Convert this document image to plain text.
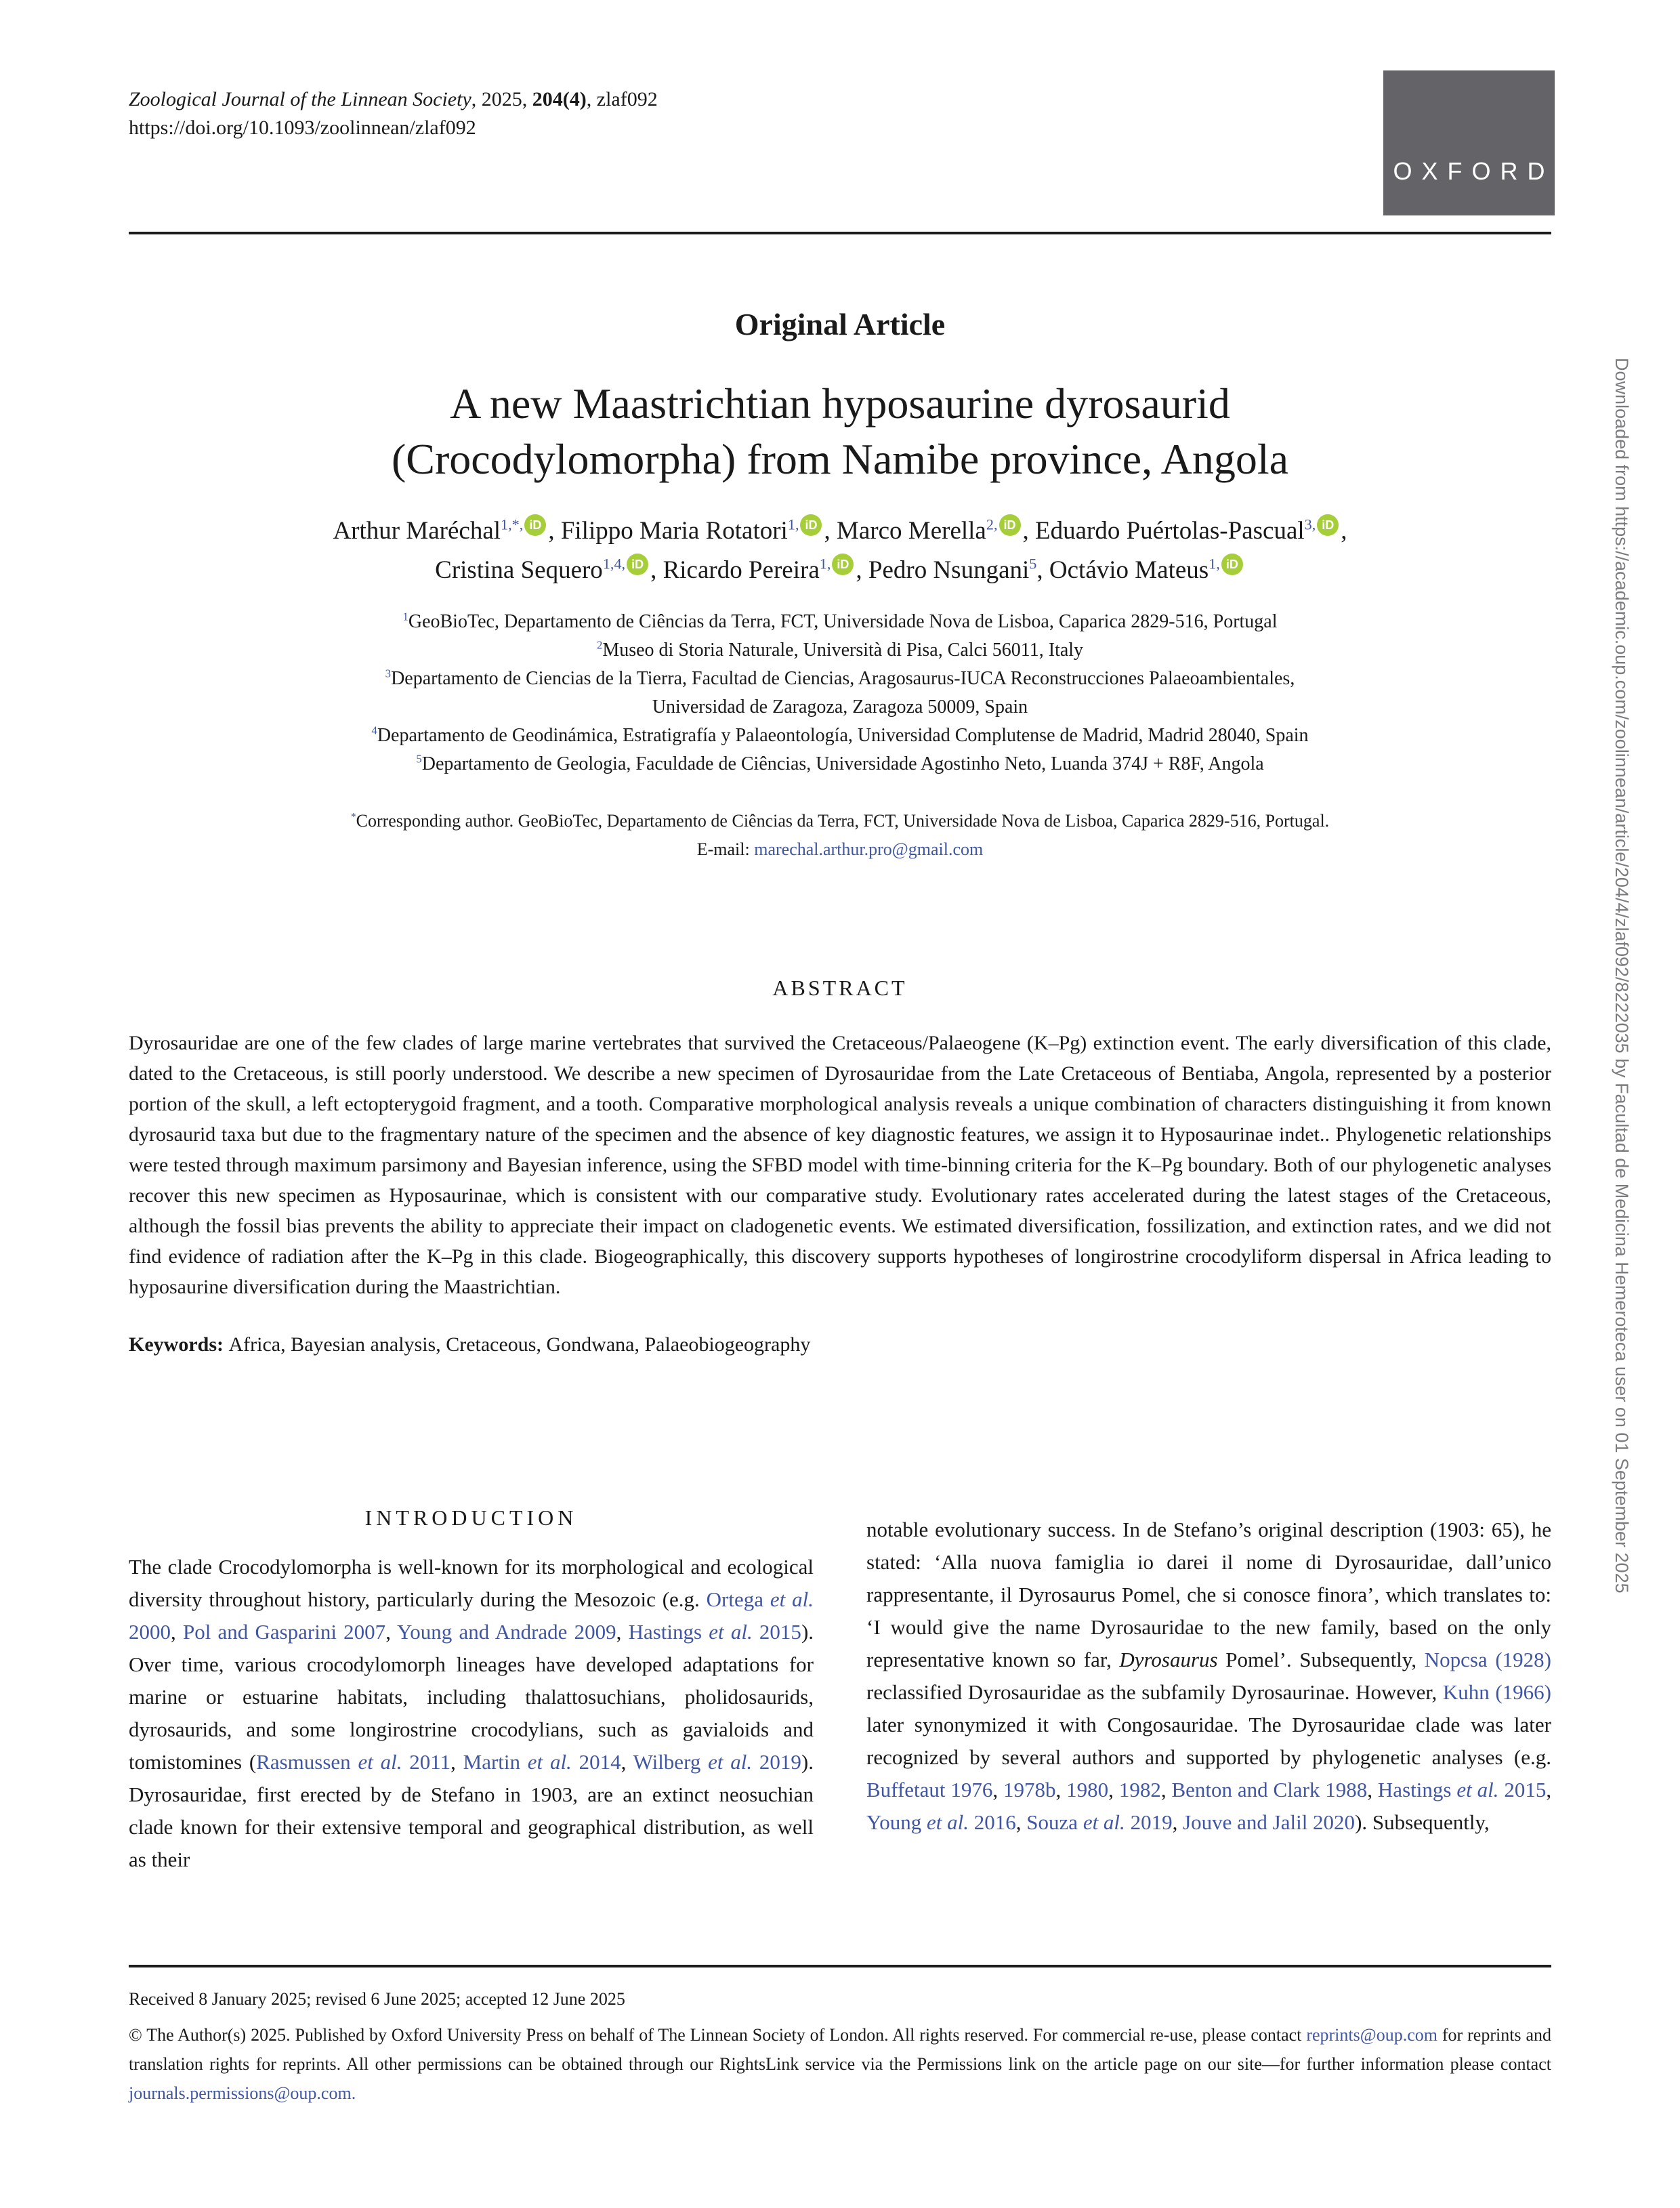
Zoological Journal of the Linnean Society, 2025, 204(4), zlaf092
https://doi.org/10.1093/zoolinnean/zlaf092
OXFORD
Original Article
A new Maastrichtian hyposaurine dyrosaurid
(Crocodylomorpha) from Namibe province, Angola
Arthur Maréchal$^{1,*,}$ iD , Filippo Maria Rotatori$^{1,}$ iD , Marco Merella$^{2,}$ iD , Eduardo Puértolas-Pascual$^{3,}$ iD ,
Cristina Sequero$^{1,4,}$ iD , Ricardo Pereira$^{1,}$ iD , Pedro Nsungani$^5$, Octávio Mateus$^{1,}$ iD
$^1$GeoBioTec, Departamento de Ciências da Terra, FCT, Universidade Nova de Lisboa, Caparica 2829-516, Portugal
$^2$Museo di Storia Naturale, Università di Pisa, Calci 56011, Italy
$^3$Departamento de Ciencias de la Tierra, Facultad de Ciencias, Aragosaurus-IUCA Reconstrucciones Palaeoambientales,
Universidad de Zaragoza, Zaragoza 50009, Spain
$^4$Departamento de Geodinámica, Estratigrafía y Palaeontología, Universidad Complutense de Madrid, Madrid 28040, Spain
$^5$Departamento de Geologia, Faculdade de Ciências, Universidade Agostinho Neto, Luanda 374J + R8F, Angola
*Corresponding author. GeoBioTec, Departamento de Ciências da Terra, FCT, Universidade Nova de Lisboa, Caparica 2829-516, Portugal.
E-mail: marechal.arthur.pro@gmail.com
ABSTRACT

Dyrosauridae are one of the few clades of large marine vertebrates that survived the Cretaceous/Palaeogene (K–Pg) extinction event. The early diversification of this clade, dated to the Cretaceous, is still poorly understood. We describe a new specimen of Dyrosauridae from the Late Cretaceous of Bentiaba, Angola, represented by a posterior portion of the skull, a left ectopterygoid fragment, and a tooth. Comparative morphological analysis reveals a unique combination of characters distinguishing it from known dyrosaurid taxa but due to the fragmentary nature of the specimen and the absence of key diagnostic features, we assign it to Hyposaurinae indet.. Phylogenetic relationships were tested through maximum parsimony and Bayesian inference, using the SFBD model with time-binning criteria for the K–Pg boundary. Both of our phylogenetic analyses recover this new specimen as Hyposaurinae, which is consistent with our comparative study. Evolutionary rates accelerated during the latest stages of the Cretaceous, although the fossil bias prevents the ability to appreciate their impact on cladogenetic events. We estimated diversification, fossilization, and extinction rates, and we did not find evidence of radiation after the K–Pg in this clade. Biogeographically, this discovery supports hypotheses of longirostrine crocodyliform dispersal in Africa leading to hyposaurine diversification during the Maastrichtian.

Keywords: Africa, Bayesian analysis, Cretaceous, Gondwana, Palaeobiogeography

INTRODUCTION

The clade Crocodylomorpha is well-known for its morphological and ecological diversity throughout history, particularly during the Mesozoic (e.g. Ortega et al. 2000, Pol and Gasparini 2007, Young and Andrade 2009, Hastings et al. 2015). Over time, various crocodylomorph lineages have developed adaptations for marine or estuarine habitats, including thalattosuchians, pholidosaurids, dyrosaurids, and some longirostrine crocodylians, such as gavialoids and tomistomines (Rasmussen et al. 2011, Martin et al. 2014, Wilberg et al. 2019). Dyrosauridae, first erected by de Stefano in 1903, are an extinct neosuchian clade known for their extensive temporal and geographical distribution, as well as their

notable evolutionary success. In de Stefano’s original description (1903: 65), he stated: ‘Alla nuova famiglia io darei il nome di Dyrosauridae, dall’unico rappresentante, il Dyrosaurus Pomel, che si conosce finora’, which translates to: ‘I would give the name Dyrosauridae to the new family, based on the only representative known so far, Dyrosaurus Pomel’. Subsequently, Nopcsa (1928) reclassified Dyrosauridae as the subfamily Dyrosaurinae. However, Kuhn (1966) later synonymized it with Congosauridae. The Dyrosauridae clade was later recognized by several authors and supported by phylogenetic analyses (e.g. Buffetaut 1976, 1978b, 1980, 1982, Benton and Clark 1988, Hastings et al. 2015, Young et al. 2016, Souza et al. 2019, Jouve and Jalil 2020). Subsequently,

Received 8 January 2025; revised 6 June 2025; accepted 12 June 2025

© The Author(s) 2025. Published by Oxford University Press on behalf of The Linnean Society of London. All rights reserved. For commercial re-use, please contact reprints@oup.com for reprints and translation rights for reprints. All other permissions can be obtained through our RightsLink service via the Permissions link on the article page on our site—for further information please contact journals.permissions@oup.com.

Downloaded from https://academic.oup.com/zoolinnean/article/204/4/zlaf092/8222035 by Facultad de Medicina Hemeroteca user on 01 September 2025
